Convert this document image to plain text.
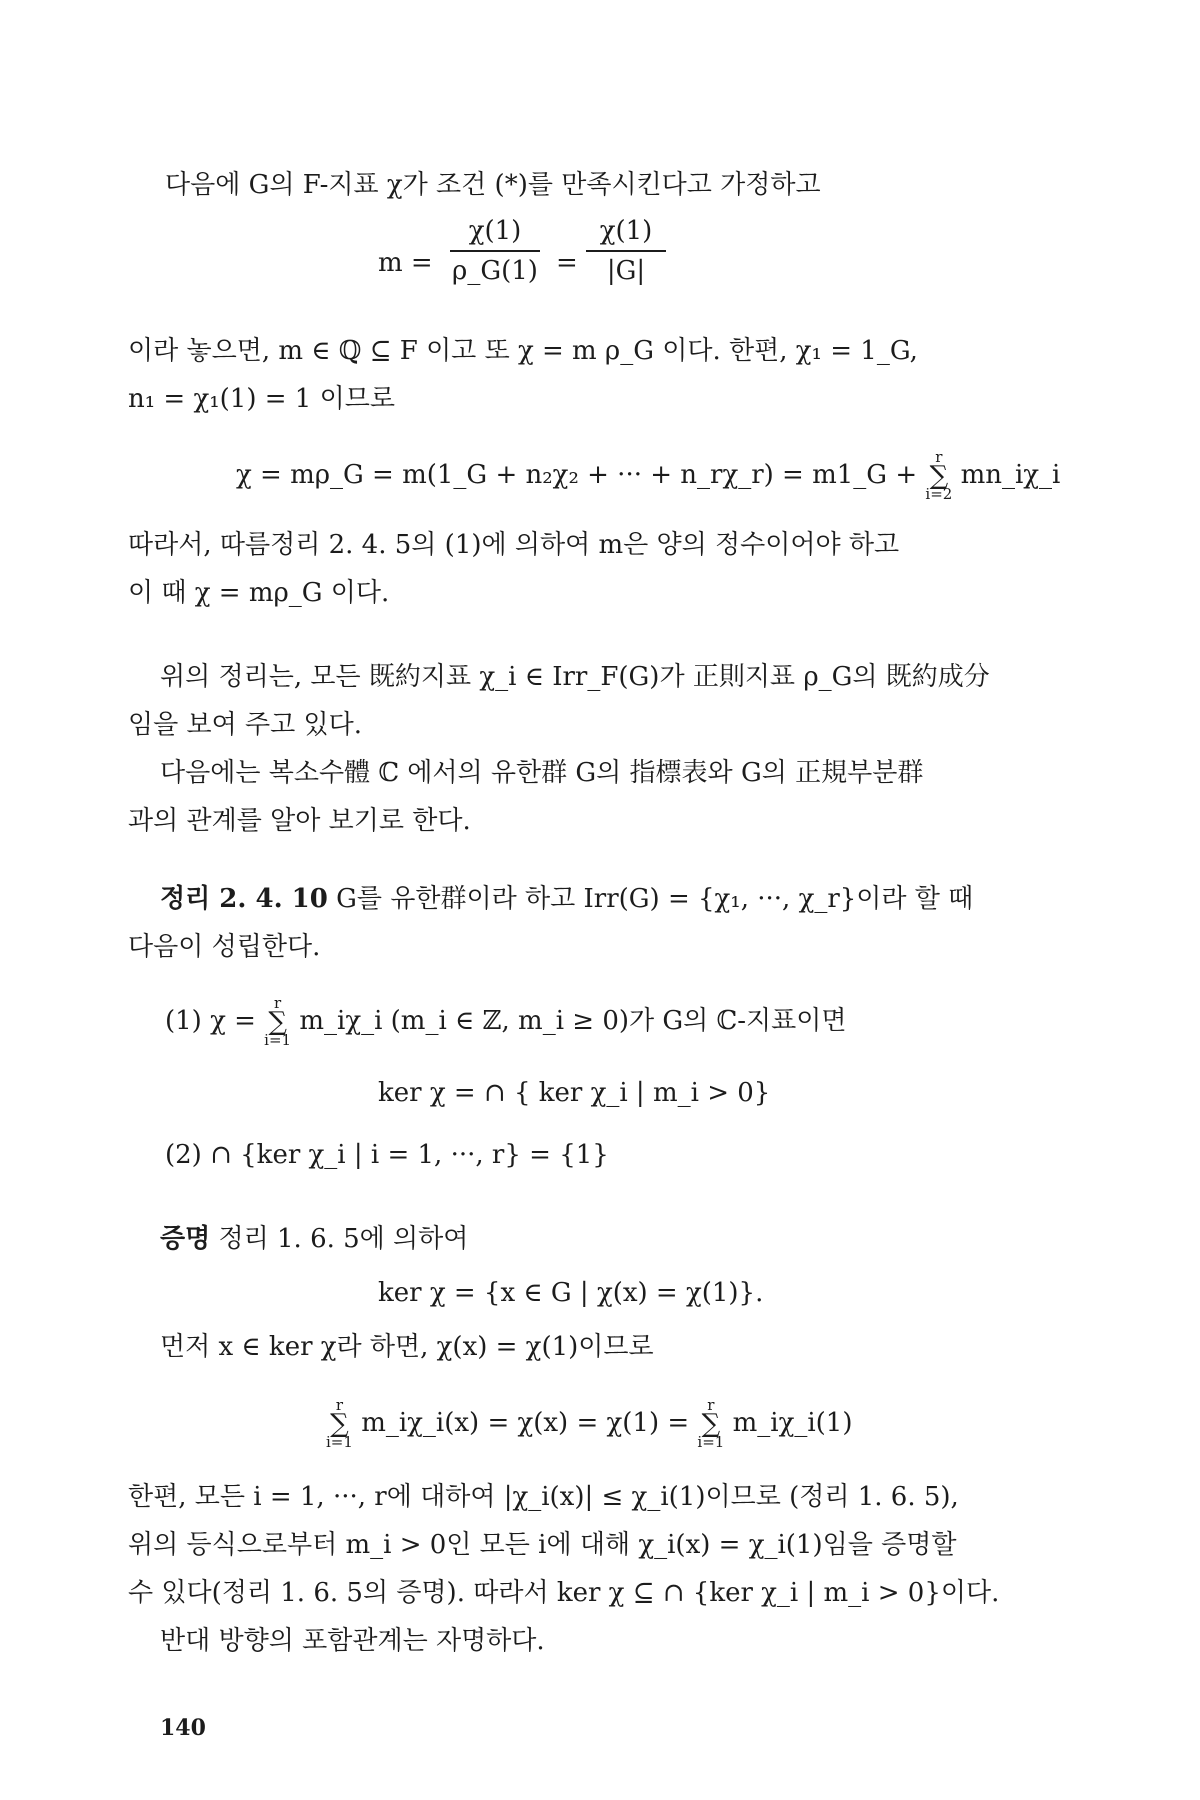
다음에 G의 F-지표 χ가 조건 (*)를 만족시킨다고 가정하고
m =
χ(1)
ρ_G(1) =
χ(1)
|G|
이라 놓으면, m ∈ ℚ ⊆ F 이고 또 χ = m ρ_G 이다. 한편, χ₁ = 1_G,
n₁ = χ₁(1) = 1 이므로
χ = mρ_G = m(1_G + n₂χ₂ + ··· + n_rχ_r) = m1_G +
r
∑
i=2
mn_iχ_i
따라서, 따름정리 2. 4. 5의 (1)에 의하여 m은 양의 정수이어야 하고
이 때 χ = mρ_G 이다.
위의 정리는, 모든 既約지표 χ_i ∈ Irr_F(G)가 正則지표 ρ_G의 既約成分
임을 보여 주고 있다.
다음에는 복소수體 ℂ 에서의 유한群 G의 指標表와 G의 正規부분群
과의 관계를 알아 보기로 한다.
정리 2. 4. 10 G를 유한群이라 하고 Irr(G) = {χ₁, ···, χ_r}이라 할 때
다음이 성립한다.
(1) χ =
r
∑
i=1
m_iχ_i (m_i ∈ ℤ, m_i ≥ 0)가 G의 ℂ-지표이면
ker χ = ∩ { ker χ_i | m_i > 0}
(2) ∩ {ker χ_i | i = 1, ···, r} = {1}
증명 정리 1. 6. 5에 의하여
ker χ = {x ∈ G | χ(x) = χ(1)}.
먼저 x ∈ ker χ라 하면, χ(x) = χ(1)이므로
r
∑
i=1
m_iχ_i(x) = χ(x) = χ(1) =
r
∑
i=1
m_iχ_i(1)
한편, 모든 i = 1, ···, r에 대하여 |χ_i(x)| ≤ χ_i(1)이므로 (정리 1. 6. 5),
위의 등식으로부터 m_i > 0인 모든 i에 대해 χ_i(x) = χ_i(1)임을 증명할
수 있다(정리 1. 6. 5의 증명). 따라서 ker χ ⊆ ∩ {ker χ_i | m_i > 0}이다.
반대 방향의 포함관계는 자명하다.
140
